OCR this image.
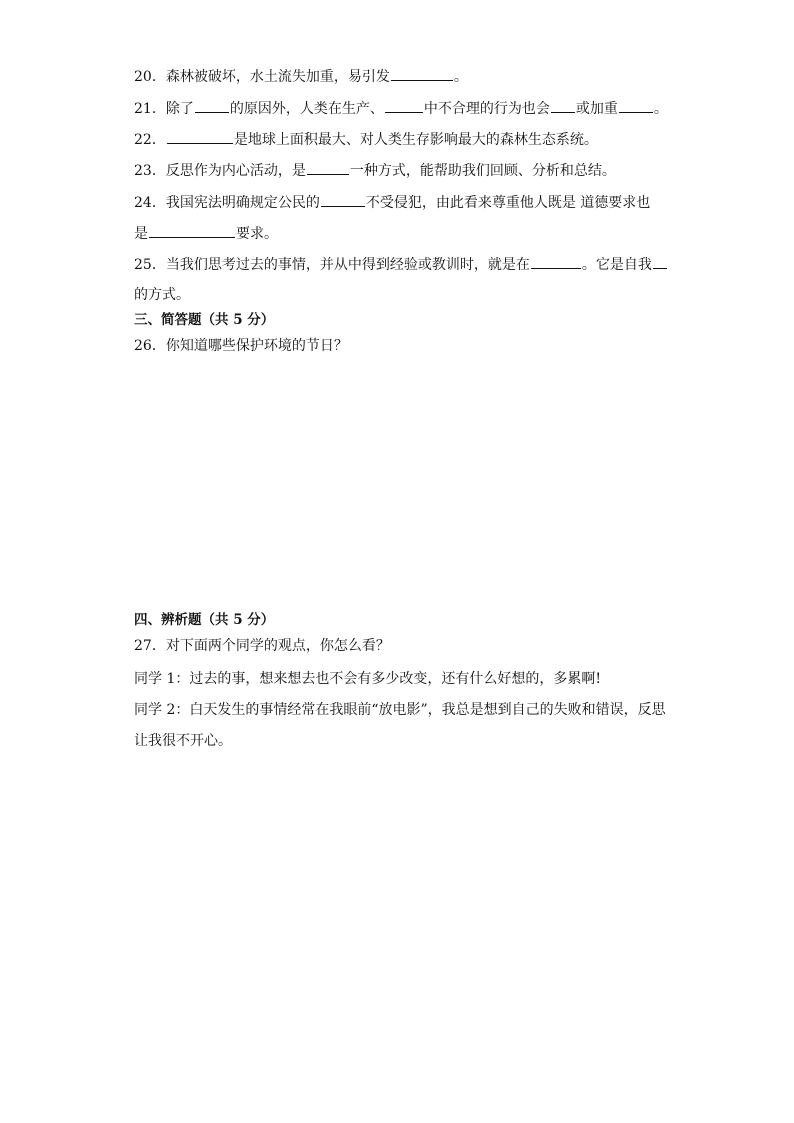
20．森林被破坏，水土流失加重，易引发	。
21．除了	的原因外，人类在生产、	中不合理的行为也会 或加重	。
22．	是地球上面积最大、对人类生存影响最大的森林生态系统。
23．反思作为内心活动，是	一种方式，能帮助我们回顾、分析和总结。
24．我国宪法明确规定公民的	不受侵犯，由此看来尊重他人既是 道德要求也
是	要求。
25．当我们思考过去的事情，并从中得到经验或教训时，就是在	。它是自我
的方式。
三、简答题（共 5 分）
26．你知道哪些保护环境的节日？
四、辨析题（共 5 分）
27．对下面两个同学的观点，你怎么看？
同学 1：过去的事，想来想去也不会有多少改变，还有什么好想的，多累啊!
同学 2：白天发生的事情经常在我眼前“放电影”，我总是想到自己的失败和错误，反思
让我很不开心。
